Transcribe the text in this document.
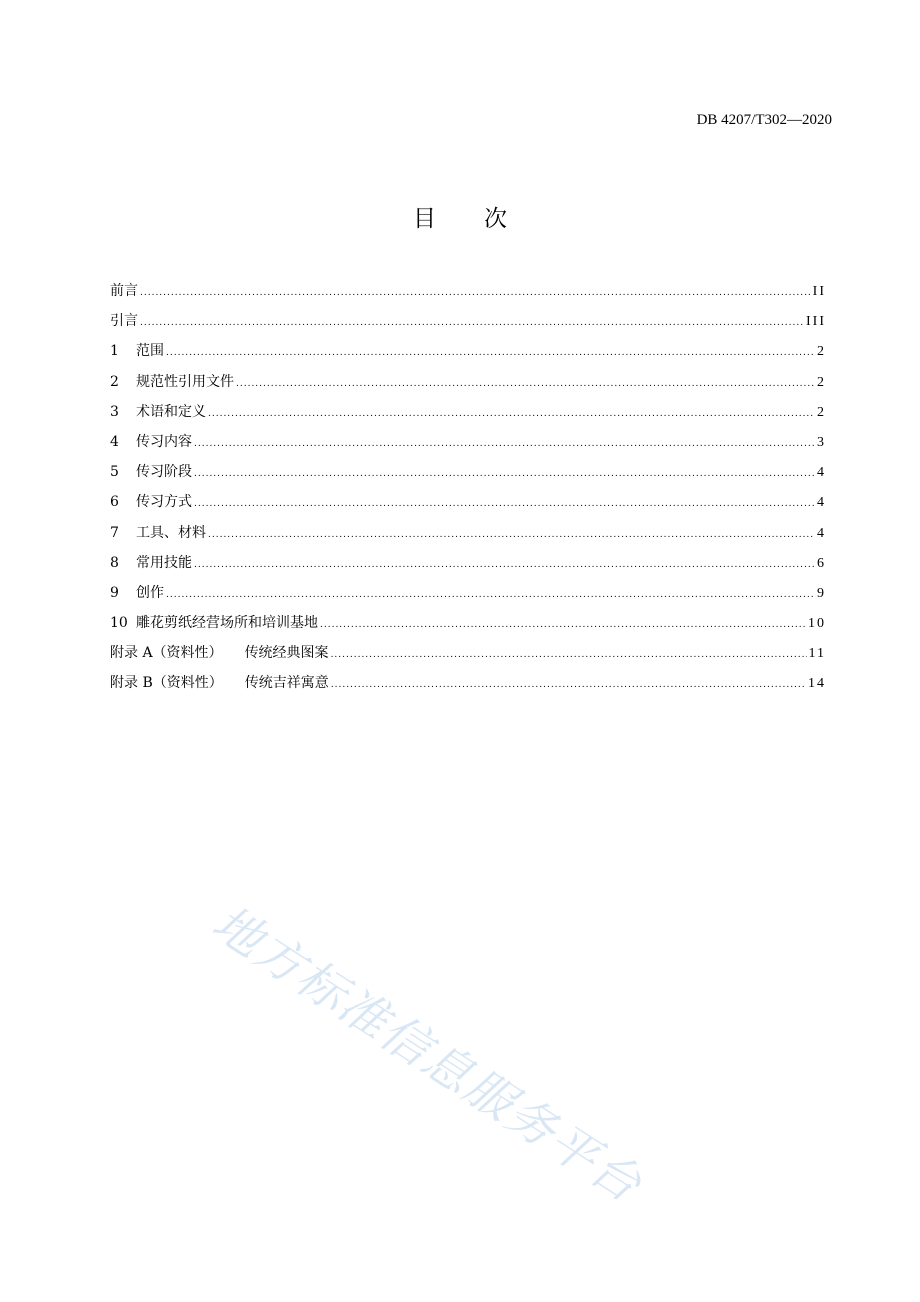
DB 4207/T302—2020
目 次
前言 .....	II
引言 .....	III
1	范围 .....	2
2	规范性引用文件 .....	2
3	术语和定义 .....	2
4	传习内容 .....	3
5	传习阶段 .....	4
6	传习方式 .....	4
7	工具、材料 .....	4
8	常用技能 .....	6
9	创作 .....	9
10 雕花剪纸经营场所和培训基地 .....	10
附录 A（资料性） 传统经典图案 .....	11
附录 B（资料性） 传统吉祥寓意 .....	14
地方标准信息服务平台
